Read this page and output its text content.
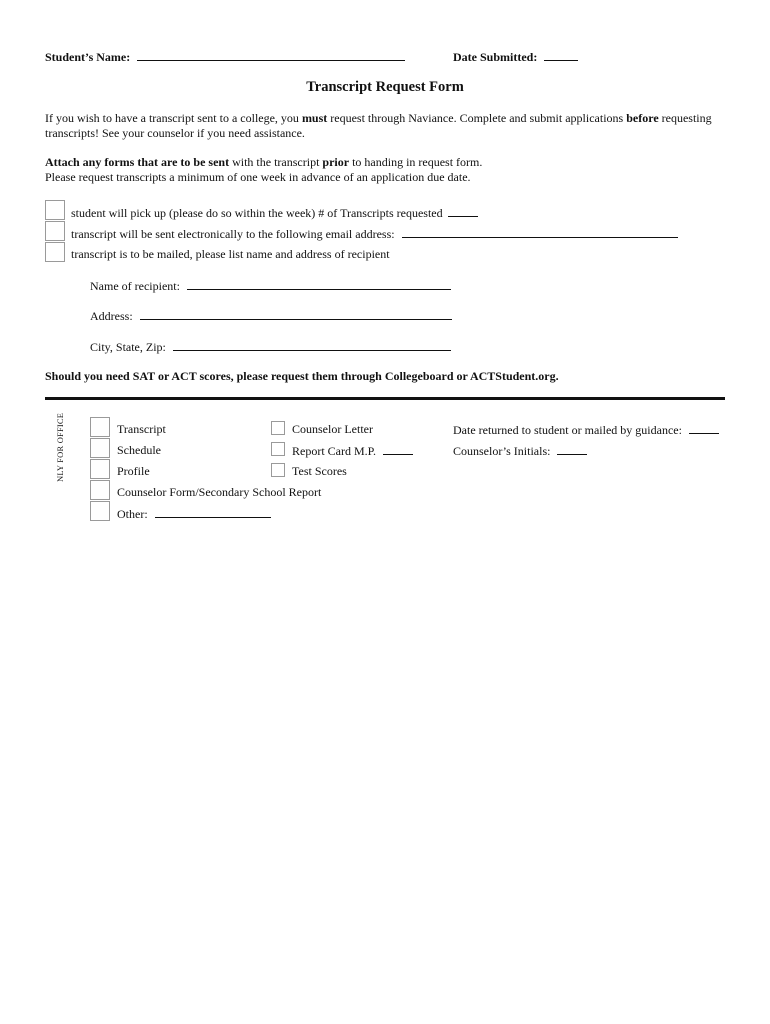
Student’s Name:	Date Submitted:
Transcript Request Form
If you wish to have a transcript sent to a college, you must request through Naviance. Complete and submit applications before requesting
transcripts! See your counselor if you need assistance.
Attach any forms that are to be sent with the transcript prior to handing in request form.
Please request transcripts a minimum of one week in advance of an application due date.
student will pick up (please do so within the week) # of Transcripts requested
transcript will be sent electronically to the following email address:
transcript is to be mailed, please list name and address of recipient
Name of recipient:
Address:
City, State, Zip:
Should you need SAT or ACT scores, please request them through Collegeboard or ACTStudent.org.
NLY FOR OFFICE	Transcript
Schedule
Profile
Counselor Form/Secondary School Report
Other:
Counselor Letter
Report Card M.P.
Test Scores
Date returned to student or mailed by guidance:
Counselor’s Initials:
